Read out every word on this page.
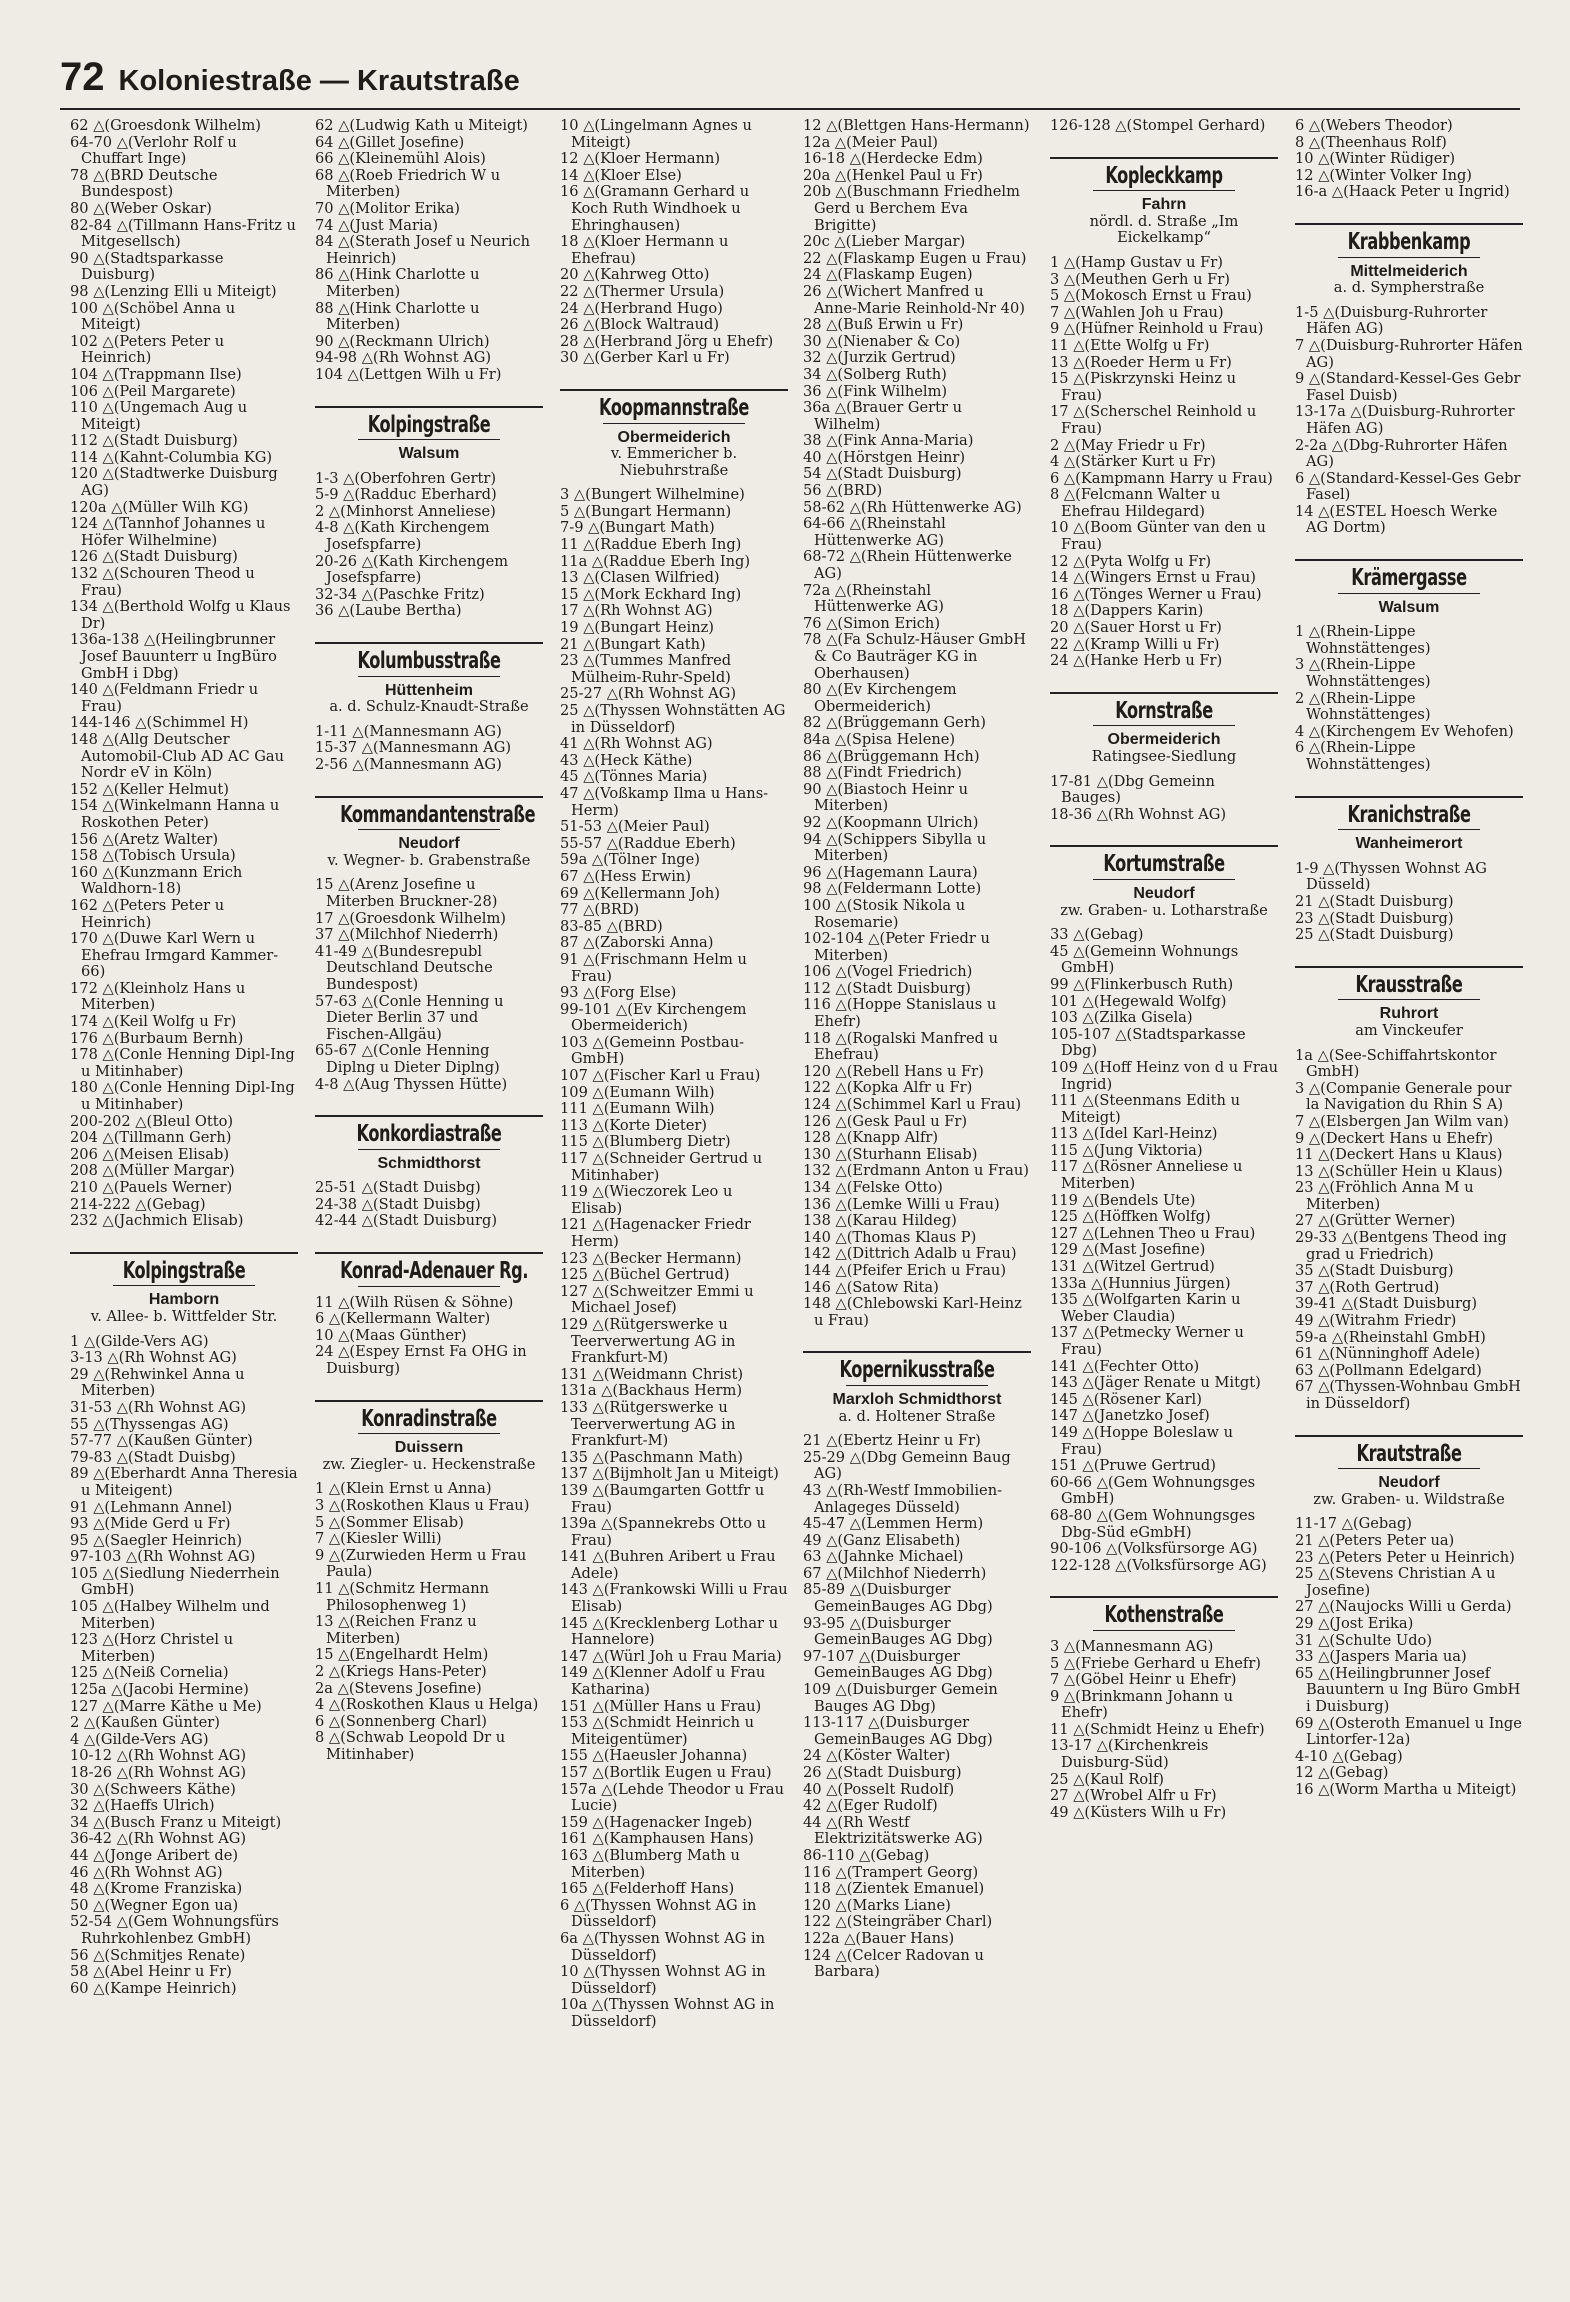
72 Koloniestraße — Krautstraße

62 △(Groesdonk Wilhelm)

64-70 △(Verlohr Rolf u Chuffart Inge)

78 △(BRD Deutsche Bundespost)

80 △(Weber Oskar)

82-84 △(Tillmann Hans-Fritz u Mitgesellsch)

90 △(Stadtsparkasse Duisburg)

98 △(Lenzing Elli u Miteigt)

100 △(Schöbel Anna u Miteigt)

102 △(Peters Peter u Heinrich)

104 △(Trappmann Ilse)

106 △(Peil Margarete)

110 △(Ungemach Aug u Miteigt)

112 △(Stadt Duisburg)

114 △(Kahnt-Columbia KG)

120 △(Stadtwerke Duisburg AG)

120a △(Müller Wilh KG)

124 △(Tannhof Johannes u Höfer Wilhelmine)

126 △(Stadt Duisburg)

132 △(Schouren Theod u Frau)

134 △(Berthold Wolfg u Klaus Dr)

136a-138 △(Heilingbrunner Josef Bauunterr u IngBüro GmbH i Dbg)

140 △(Feldmann Friedr u Frau)

144-146 △(Schimmel H)

148 △(Allg Deutscher Automobil-Club AD AC Gau Nordr eV in Köln)

152 △(Keller Helmut)

154 △(Winkelmann Hanna u Roskothen Peter)

156 △(Aretz Walter)

158 △(Tobisch Ursula)

160 △(Kunzmann Erich Waldhorn-18)

162 △(Peters Peter u Heinrich)

170 △(Duwe Karl Wern u Ehefrau Irmgard Kammer-66)

172 △(Kleinholz Hans u Miterben)

174 △(Keil Wolfg u Fr)

176 △(Burbaum Bernh)

178 △(Conle Henning Dipl-Ing u Mitinhaber)

180 △(Conle Henning Dipl-Ing u Mitinhaber)

200-202 △(Bleul Otto)

204 △(Tillmann Gerh)

206 △(Meisen Elisab)

208 △(Müller Margar)

210 △(Pauels Werner)

214-222 △(Gebag)

232 △(Jachmich Elisab)

Kolpingstraße

Hamborn

v. Allee- b. Wittfelder Str.

1 △(Gilde-Vers AG)

3-13 △(Rh Wohnst AG)

29 △(Rehwinkel Anna u Miterben)

31-53 △(Rh Wohnst AG)

55 △(Thyssengas AG)

57-77 △(Kaußen Günter)

79-83 △(Stadt Duisbg)

89 △(Eberhardt Anna Theresia u Miteigent)

91 △(Lehmann Annel)

93 △(Mide Gerd u Fr)

95 △(Saegler Heinrich)

97-103 △(Rh Wohnst AG)

105 △(Siedlung Niederrhein GmbH)

105 △(Halbey Wilhelm und Miterben)

123 △(Horz Christel u Miterben)

125 △(Neiß Cornelia)

125a △(Jacobi Hermine)

127 △(Marre Käthe u Me)

2 △(Kaußen Günter)

4 △(Gilde-Vers AG)

10-12 △(Rh Wohnst AG)

18-26 △(Rh Wohnst AG)

30 △(Schweers Käthe)

32 △(Haeffs Ulrich)

34 △(Busch Franz u Miteigt)

36-42 △(Rh Wohnst AG)

44 △(Jonge Aribert de)

46 △(Rh Wohnst AG)

48 △(Krome Franziska)

50 △(Wegner Egon ua)

52-54 △(Gem Wohnungsfürs Ruhrkohlenbez GmbH)

56 △(Schmitjes Renate)

58 △(Abel Heinr u Fr)

60 △(Kampe Heinrich)

62 △(Ludwig Kath u Miteigt)

64 △(Gillet Josefine)

66 △(Kleinemühl Alois)

68 △(Roeb Friedrich W u Miterben)

70 △(Molitor Erika)

74 △(Just Maria)

84 △(Sterath Josef u Neurich Heinrich)

86 △(Hink Charlotte u Miterben)

88 △(Hink Charlotte u Miterben)

90 △(Reckmann Ulrich)

94-98 △(Rh Wohnst AG)

104 △(Lettgen Wilh u Fr)

Kolpingstraße

Walsum

1-3 △(Oberfohren Gertr)

5-9 △(Radduc Eberhard)

2 △(Minhorst Anneliese)

4-8 △(Kath Kirchengem Josefspfarre)

20-26 △(Kath Kirchengem Josefspfarre)

32-34 △(Paschke Fritz)

36 △(Laube Bertha)

Kolumbusstraße

Hüttenheim

a. d. Schulz-Knaudt-Straße

1-11 △(Mannesmann AG)

15-37 △(Mannesmann AG)

2-56 △(Mannesmann AG)

Kommandantenstraße

Neudorf

v. Wegner- b. Grabenstraße

15 △(Arenz Josefine u Miterben Bruckner-28)

17 △(Groesdonk Wilhelm)

37 △(Milchhof Niederrh)

41-49 △(Bundesrepubl Deutschland Deutsche Bundespost)

57-63 △(Conle Henning u Dieter Berlin 37 und Fischen-Allgäu)

65-67 △(Conle Henning Diplng u Dieter Diplng)

4-8 △(Aug Thyssen Hütte)

Konkordiastraße

Schmidthorst

25-51 △(Stadt Duisbg)

24-38 △(Stadt Duisbg)

42-44 △(Stadt Duisburg)

Konrad-Adenauer Rg.

11 △(Wilh Rüsen & Söhne)

6 △(Kellermann Walter)

10 △(Maas Günther)

24 △(Espey Ernst Fa OHG in Duisburg)

Konradinstraße

Duissern

zw. Ziegler- u. Heckenstraße

1 △(Klein Ernst u Anna)

3 △(Roskothen Klaus u Frau)

5 △(Sommer Elisab)

7 △(Kiesler Willi)

9 △(Zurwieden Herm u Frau Paula)

11 △(Schmitz Hermann Philosophenweg 1)

13 △(Reichen Franz u Miterben)

15 △(Engelhardt Helm)

2 △(Kriegs Hans-Peter)

2a △(Stevens Josefine)

4 △(Roskothen Klaus u Helga)

6 △(Sonnenberg Charl)

8 △(Schwab Leopold Dr u Mitinhaber)

10 △(Lingelmann Agnes u Miteigt)

12 △(Kloer Hermann)

14 △(Kloer Else)

16 △(Gramann Gerhard u Koch Ruth Windhoek u Ehringhausen)

18 △(Kloer Hermann u Ehefrau)

20 △(Kahrweg Otto)

22 △(Thermer Ursula)

24 △(Herbrand Hugo)

26 △(Block Waltraud)

28 △(Herbrand Jörg u Ehefr)

30 △(Gerber Karl u Fr)

Koopmannstraße

Obermeiderich

v. Emmericher b. Niebuhrstraße

3 △(Bungert Wilhelmine)

5 △(Bungart Hermann)

7-9 △(Bungart Math)

11 △(Raddue Eberh Ing)

11a △(Raddue Eberh Ing)

13 △(Clasen Wilfried)

15 △(Mork Eckhard Ing)

17 △(Rh Wohnst AG)

19 △(Bungart Heinz)

21 △(Bungart Kath)

23 △(Tummes Manfred Mülheim-Ruhr-Speld)

25-27 △(Rh Wohnst AG)

25 △(Thyssen Wohnstätten AG in Düsseldorf)

41 △(Rh Wohnst AG)

43 △(Heck Käthe)

45 △(Tönnes Maria)

47 △(Voßkamp Ilma u Hans-Herm)

51-53 △(Meier Paul)

55-57 △(Raddue Eberh)

59a △(Tölner Inge)

67 △(Hess Erwin)

69 △(Kellermann Joh)

77 △(BRD)

83-85 △(BRD)

87 △(Zaborski Anna)

91 △(Frischmann Helm u Frau)

93 △(Forg Else)

99-101 △(Ev Kirchengem Obermeiderich)

103 △(Gemeinn Postbau-GmbH)

107 △(Fischer Karl u Frau)

109 △(Eumann Wilh)

111 △(Eumann Wilh)

113 △(Korte Dieter)

115 △(Blumberg Dietr)

117 △(Schneider Gertrud u Mitinhaber)

119 △(Wieczorek Leo u Elisab)

121 △(Hagenacker Friedr Herm)

123 △(Becker Hermann)

125 △(Büchel Gertrud)

127 △(Schweitzer Emmi u Michael Josef)

129 △(Rütgerswerke u Teerverwertung AG in Frankfurt-M)

131 △(Weidmann Christ)

131a △(Backhaus Herm)

133 △(Rütgerswerke u Teerverwertung AG in Frankfurt-M)

135 △(Paschmann Math)

137 △(Bijmholt Jan u Miteigt)

139 △(Baumgarten Gottfr u Frau)

139a △(Spannekrebs Otto u Frau)

141 △(Buhren Aribert u Frau Adele)

143 △(Frankowski Willi u Frau Elisab)

145 △(Krecklenberg Lothar u Hannelore)

147 △(Würl Joh u Frau Maria)

149 △(Klenner Adolf u Frau Katharina)

151 △(Müller Hans u Frau)

153 △(Schmidt Heinrich u Miteigentümer)

155 △(Haeusler Johanna)

157 △(Bortlik Eugen u Frau)

157a △(Lehde Theodor u Frau Lucie)

159 △(Hagenacker Ingeb)

161 △(Kamphausen Hans)

163 △(Blumberg Math u Miterben)

165 △(Felderhoff Hans)

6 △(Thyssen Wohnst AG in Düsseldorf)

6a △(Thyssen Wohnst AG in Düsseldorf)

10 △(Thyssen Wohnst AG in Düsseldorf)

10a △(Thyssen Wohnst AG in Düsseldorf)

12 △(Blettgen Hans-Hermann)

12a △(Meier Paul)

16-18 △(Herdecke Edm)

20a △(Henkel Paul u Fr)

20b △(Buschmann Friedhelm Gerd u Berchem Eva Brigitte)

20c △(Lieber Margar)

22 △(Flaskamp Eugen u Frau)

24 △(Flaskamp Eugen)

26 △(Wichert Manfred u Anne-Marie Reinhold-Nr 40)

28 △(Buß Erwin u Fr)

30 △(Nienaber & Co)

32 △(Jurzik Gertrud)

34 △(Solberg Ruth)

36 △(Fink Wilhelm)

36a △(Brauer Gertr u Wilhelm)

38 △(Fink Anna-Maria)

40 △(Hörstgen Heinr)

54 △(Stadt Duisburg)

56 △(BRD)

58-62 △(Rh Hüttenwerke AG)

64-66 △(Rheinstahl Hüttenwerke AG)

68-72 △(Rhein Hüttenwerke AG)

72a △(Rheinstahl Hüttenwerke AG)

76 △(Simon Erich)

78 △(Fa Schulz-Häuser GmbH & Co Bauträger KG in Oberhausen)

80 △(Ev Kirchengem Obermeiderich)

82 △(Brüggemann Gerh)

84a △(Spisa Helene)

86 △(Brüggemann Hch)

88 △(Findt Friedrich)

90 △(Biastoch Heinr u Miterben)

92 △(Koopmann Ulrich)

94 △(Schippers Sibylla u Miterben)

96 △(Hagemann Laura)

98 △(Feldermann Lotte)

100 △(Stosik Nikola u Rosemarie)

102-104 △(Peter Friedr u Miterben)

106 △(Vogel Friedrich)

112 △(Stadt Duisburg)

116 △(Hoppe Stanislaus u Ehefr)

118 △(Rogalski Manfred u Ehefrau)

120 △(Rebell Hans u Fr)

122 △(Kopka Alfr u Fr)

124 △(Schimmel Karl u Frau)

126 △(Gesk Paul u Fr)

128 △(Knapp Alfr)

130 △(Sturhann Elisab)

132 △(Erdmann Anton u Frau)

134 △(Felske Otto)

136 △(Lemke Willi u Frau)

138 △(Karau Hildeg)

140 △(Thomas Klaus P)

142 △(Dittrich Adalb u Frau)

144 △(Pfeifer Erich u Frau)

146 △(Satow Rita)

148 △(Chlebowski Karl-Heinz u Frau)

Kopernikusstraße

Marxloh Schmidthorst

a. d. Holtener Straße

21 △(Ebertz Heinr u Fr)

25-29 △(Dbg Gemeinn Baug AG)

43 △(Rh-Westf Immobilien-Anlageges Düsseld)

45-47 △(Lemmen Herm)

49 △(Ganz Elisabeth)

63 △(Jahnke Michael)

67 △(Milchhof Niederrh)

85-89 △(Duisburger GemeinBauges AG Dbg)

93-95 △(Duisburger GemeinBauges AG Dbg)

97-107 △(Duisburger GemeinBauges AG Dbg)

109 △(Duisburger Gemein Bauges AG Dbg)

113-117 △(Duisburger GemeinBauges AG Dbg)

24 △(Köster Walter)

26 △(Stadt Duisburg)

40 △(Posselt Rudolf)

42 △(Eger Rudolf)

44 △(Rh Westf Elektrizitätswerke AG)

86-110 △(Gebag)

116 △(Trampert Georg)

118 △(Zientek Emanuel)

120 △(Marks Liane)

122 △(Steingräber Charl)

122a △(Bauer Hans)

124 △(Celcer Radovan u Barbara)

126-128 △(Stompel Gerhard)

Kopleckkamp

Fahrn

nördl. d. Straße „Im Eickelkamp“

1 △(Hamp Gustav u Fr)

3 △(Meuthen Gerh u Fr)

5 △(Mokosch Ernst u Frau)

7 △(Wahlen Joh u Frau)

9 △(Hüfner Reinhold u Frau)

11 △(Ette Wolfg u Fr)

13 △(Roeder Herm u Fr)

15 △(Piskrzynski Heinz u Frau)

17 △(Scherschel Reinhold u Frau)

2 △(May Friedr u Fr)

4 △(Stärker Kurt u Fr)

6 △(Kampmann Harry u Frau)

8 △(Felcmann Walter u Ehefrau Hildegard)

10 △(Boom Günter van den u Frau)

12 △(Pyta Wolfg u Fr)

14 △(Wingers Ernst u Frau)

16 △(Tönges Werner u Frau)

18 △(Dappers Karin)

20 △(Sauer Horst u Fr)

22 △(Kramp Willi u Fr)

24 △(Hanke Herb u Fr)

Kornstraße

Obermeiderich

Ratingsee-Siedlung

17-81 △(Dbg Gemeinn Bauges)

18-36 △(Rh Wohnst AG)

Kortumstraße

Neudorf

zw. Graben- u. Lotharstraße

33 △(Gebag)

45 △(Gemeinn Wohnungs GmbH)

99 △(Flinkerbusch Ruth)

101 △(Hegewald Wolfg)

103 △(Zilka Gisela)

105-107 △(Stadtsparkasse Dbg)

109 △(Hoff Heinz von d u Frau Ingrid)

111 △(Steenmans Edith u Miteigt)

113 △(Idel Karl-Heinz)

115 △(Jung Viktoria)

117 △(Rösner Anneliese u Miterben)

119 △(Bendels Ute)

125 △(Höffken Wolfg)

127 △(Lehnen Theo u Frau)

129 △(Mast Josefine)

131 △(Witzel Gertrud)

133a △(Hunnius Jürgen)

135 △(Wolfgarten Karin u Weber Claudia)

137 △(Petmecky Werner u Frau)

141 △(Fechter Otto)

143 △(Jäger Renate u Mitgt)

145 △(Rösener Karl)

147 △(Janetzko Josef)

149 △(Hoppe Boleslaw u Frau)

151 △(Pruwe Gertrud)

60-66 △(Gem Wohnungsges GmbH)

68-80 △(Gem Wohnungsges Dbg-Süd eGmbH)

90-106 △(Volksfürsorge AG)

122-128 △(Volksfürsorge AG)

Kothenstraße

3 △(Mannesmann AG)

5 △(Friebe Gerhard u Ehefr)

7 △(Göbel Heinr u Ehefr)

9 △(Brinkmann Johann u Ehefr)

11 △(Schmidt Heinz u Ehefr)

13-17 △(Kirchenkreis Duisburg-Süd)

25 △(Kaul Rolf)

27 △(Wrobel Alfr u Fr)

49 △(Küsters Wilh u Fr)

6 △(Webers Theodor)

8 △(Theenhaus Rolf)

10 △(Winter Rüdiger)

12 △(Winter Volker Ing)

16-a △(Haack Peter u Ingrid)

Krabbenkamp

Mittelmeiderich

a. d. Sympherstraße

1-5 △(Duisburg-Ruhrorter Häfen AG)

7 △(Duisburg-Ruhrorter Häfen AG)

9 △(Standard-Kessel-Ges Gebr Fasel Duisb)

13-17a △(Duisburg-Ruhrorter Häfen AG)

2-2a △(Dbg-Ruhrorter Häfen AG)

6 △(Standard-Kessel-Ges Gebr Fasel)

14 △(ESTEL Hoesch Werke AG Dortm)

Krämergasse

Walsum

1 △(Rhein-Lippe Wohnstättenges)

3 △(Rhein-Lippe Wohnstättenges)

2 △(Rhein-Lippe Wohnstättenges)

4 △(Kirchengem Ev Wehofen)

6 △(Rhein-Lippe Wohnstättenges)

Kranichstraße

Wanheimerort

1-9 △(Thyssen Wohnst AG Düsseld)

21 △(Stadt Duisburg)

23 △(Stadt Duisburg)

25 △(Stadt Duisburg)

Krausstraße

Ruhrort

am Vinckeufer

1a △(See-Schiffahrtskontor GmbH)

3 △(Companie Generale pour la Navigation du Rhin S A)

7 △(Elsbergen Jan Wilm van)

9 △(Deckert Hans u Ehefr)

11 △(Deckert Hans u Klaus)

13 △(Schüller Hein u Klaus)

23 △(Fröhlich Anna M u Miterben)

27 △(Grütter Werner)

29-33 △(Bentgens Theod ing grad u Friedrich)

35 △(Stadt Duisburg)

37 △(Roth Gertrud)

39-41 △(Stadt Duisburg)

49 △(Witrahm Friedr)

59-a △(Rheinstahl GmbH)

61 △(Nünninghoff Adele)

63 △(Pollmann Edelgard)

67 △(Thyssen-Wohnbau GmbH in Düsseldorf)

Krautstraße

Neudorf

zw. Graben- u. Wildstraße

11-17 △(Gebag)

21 △(Peters Peter ua)

23 △(Peters Peter u Heinrich)

25 △(Stevens Christian A u Josefine)

27 △(Naujocks Willi u Gerda)

29 △(Jost Erika)

31 △(Schulte Udo)

33 △(Jaspers Maria ua)

65 △(Heilingbrunner Josef Bauuntern u Ing Büro GmbH i Duisburg)

69 △(Osteroth Emanuel u Inge Lintorfer-12a)

4-10 △(Gebag)

12 △(Gebag)

16 △(Worm Martha u Miteigt)
